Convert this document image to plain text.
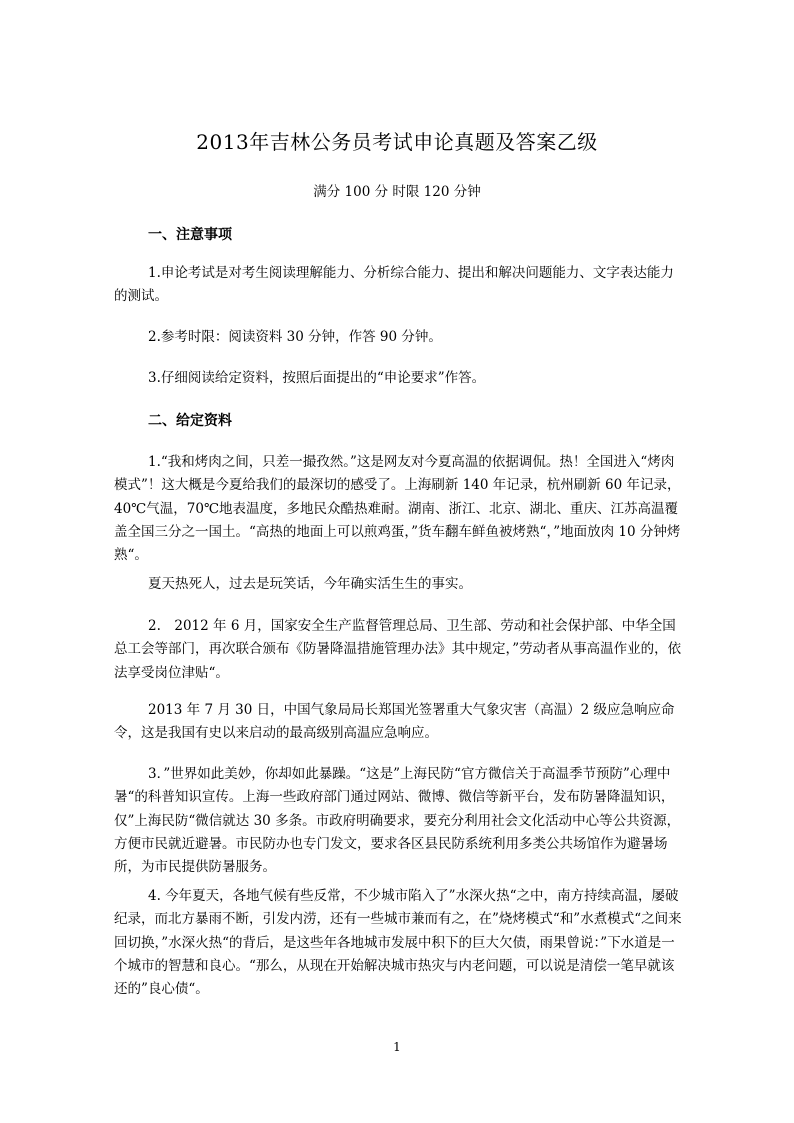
2013年吉林公务员考试申论真题及答案乙级
满分 100 分 时限 120 分钟
一、注意事项

1.申论考试是对考生阅读理解能力、分析综合能力、提出和解决问题能力、文字表达能力的测试。

2.参考时限：阅读资料 30 分钟，作答 90 分钟。

3.仔细阅读给定资料，按照后面提出的“申论要求”作答。

二、给定资料

1.“我和烤肉之间，只差一撮孜然。”这是网友对今夏高温的依据调侃。热！全国进入“烤肉模式”！这大概是今夏给我们的最深切的感受了。上海刷新 140 年记录，杭州刷新 60 年记录，40℃气温，70℃地表温度，多地民众酷热难耐。湖南、浙江、北京、湖北、重庆、江苏高温覆盖全国三分之一国土。“高热的地面上可以煎鸡蛋，”货车翻车鲜鱼被烤熟“，”地面放肉 10 分钟烤熟“。

夏天热死人，过去是玩笑话，今年确实活生生的事实。

2.　2012 年 6 月，国家安全生产监督管理总局、卫生部、劳动和社会保护部、中华全国总工会等部门，再次联合颁布《防暑降温措施管理办法》其中规定，”劳动者从事高温作业的，依法享受岗位津贴“。

2013 年 7 月 30 日，中国气象局局长郑国光签署重大气象灾害（高温）2 级应急响应命令，这是我国有史以来启动的最高级别高温应急响应。

3．”世界如此美妙，你却如此暴躁。“这是”上海民防“官方微信关于高温季节预防”心理中暑“的科普知识宣传。上海一些政府部门通过网站、微博、微信等新平台，发布防暑降温知识，仅”上海民防“微信就达 30 多条。市政府明确要求，要充分利用社会文化活动中心等公共资源，方便市民就近避暑。市民防办也专门发文，要求各区县民防系统利用多类公共场馆作为避暑场所，为市民提供防暑服务。

4. 今年夏天，各地气候有些反常，不少城市陷入了”水深火热“之中，南方持续高温，屡破纪录，而北方暴雨不断，引发内涝，还有一些城市兼而有之，在”烧烤模式“和”水煮模式“之间来回切换，”水深火热“的背后，是这些年各地城市发展中积下的巨大欠债，雨果曾说：”下水道是一个城市的智慧和良心。“那么，从现在开始解决城市热灾与内老问题，可以说是清偿一笔早就该还的”良心债“。

1
